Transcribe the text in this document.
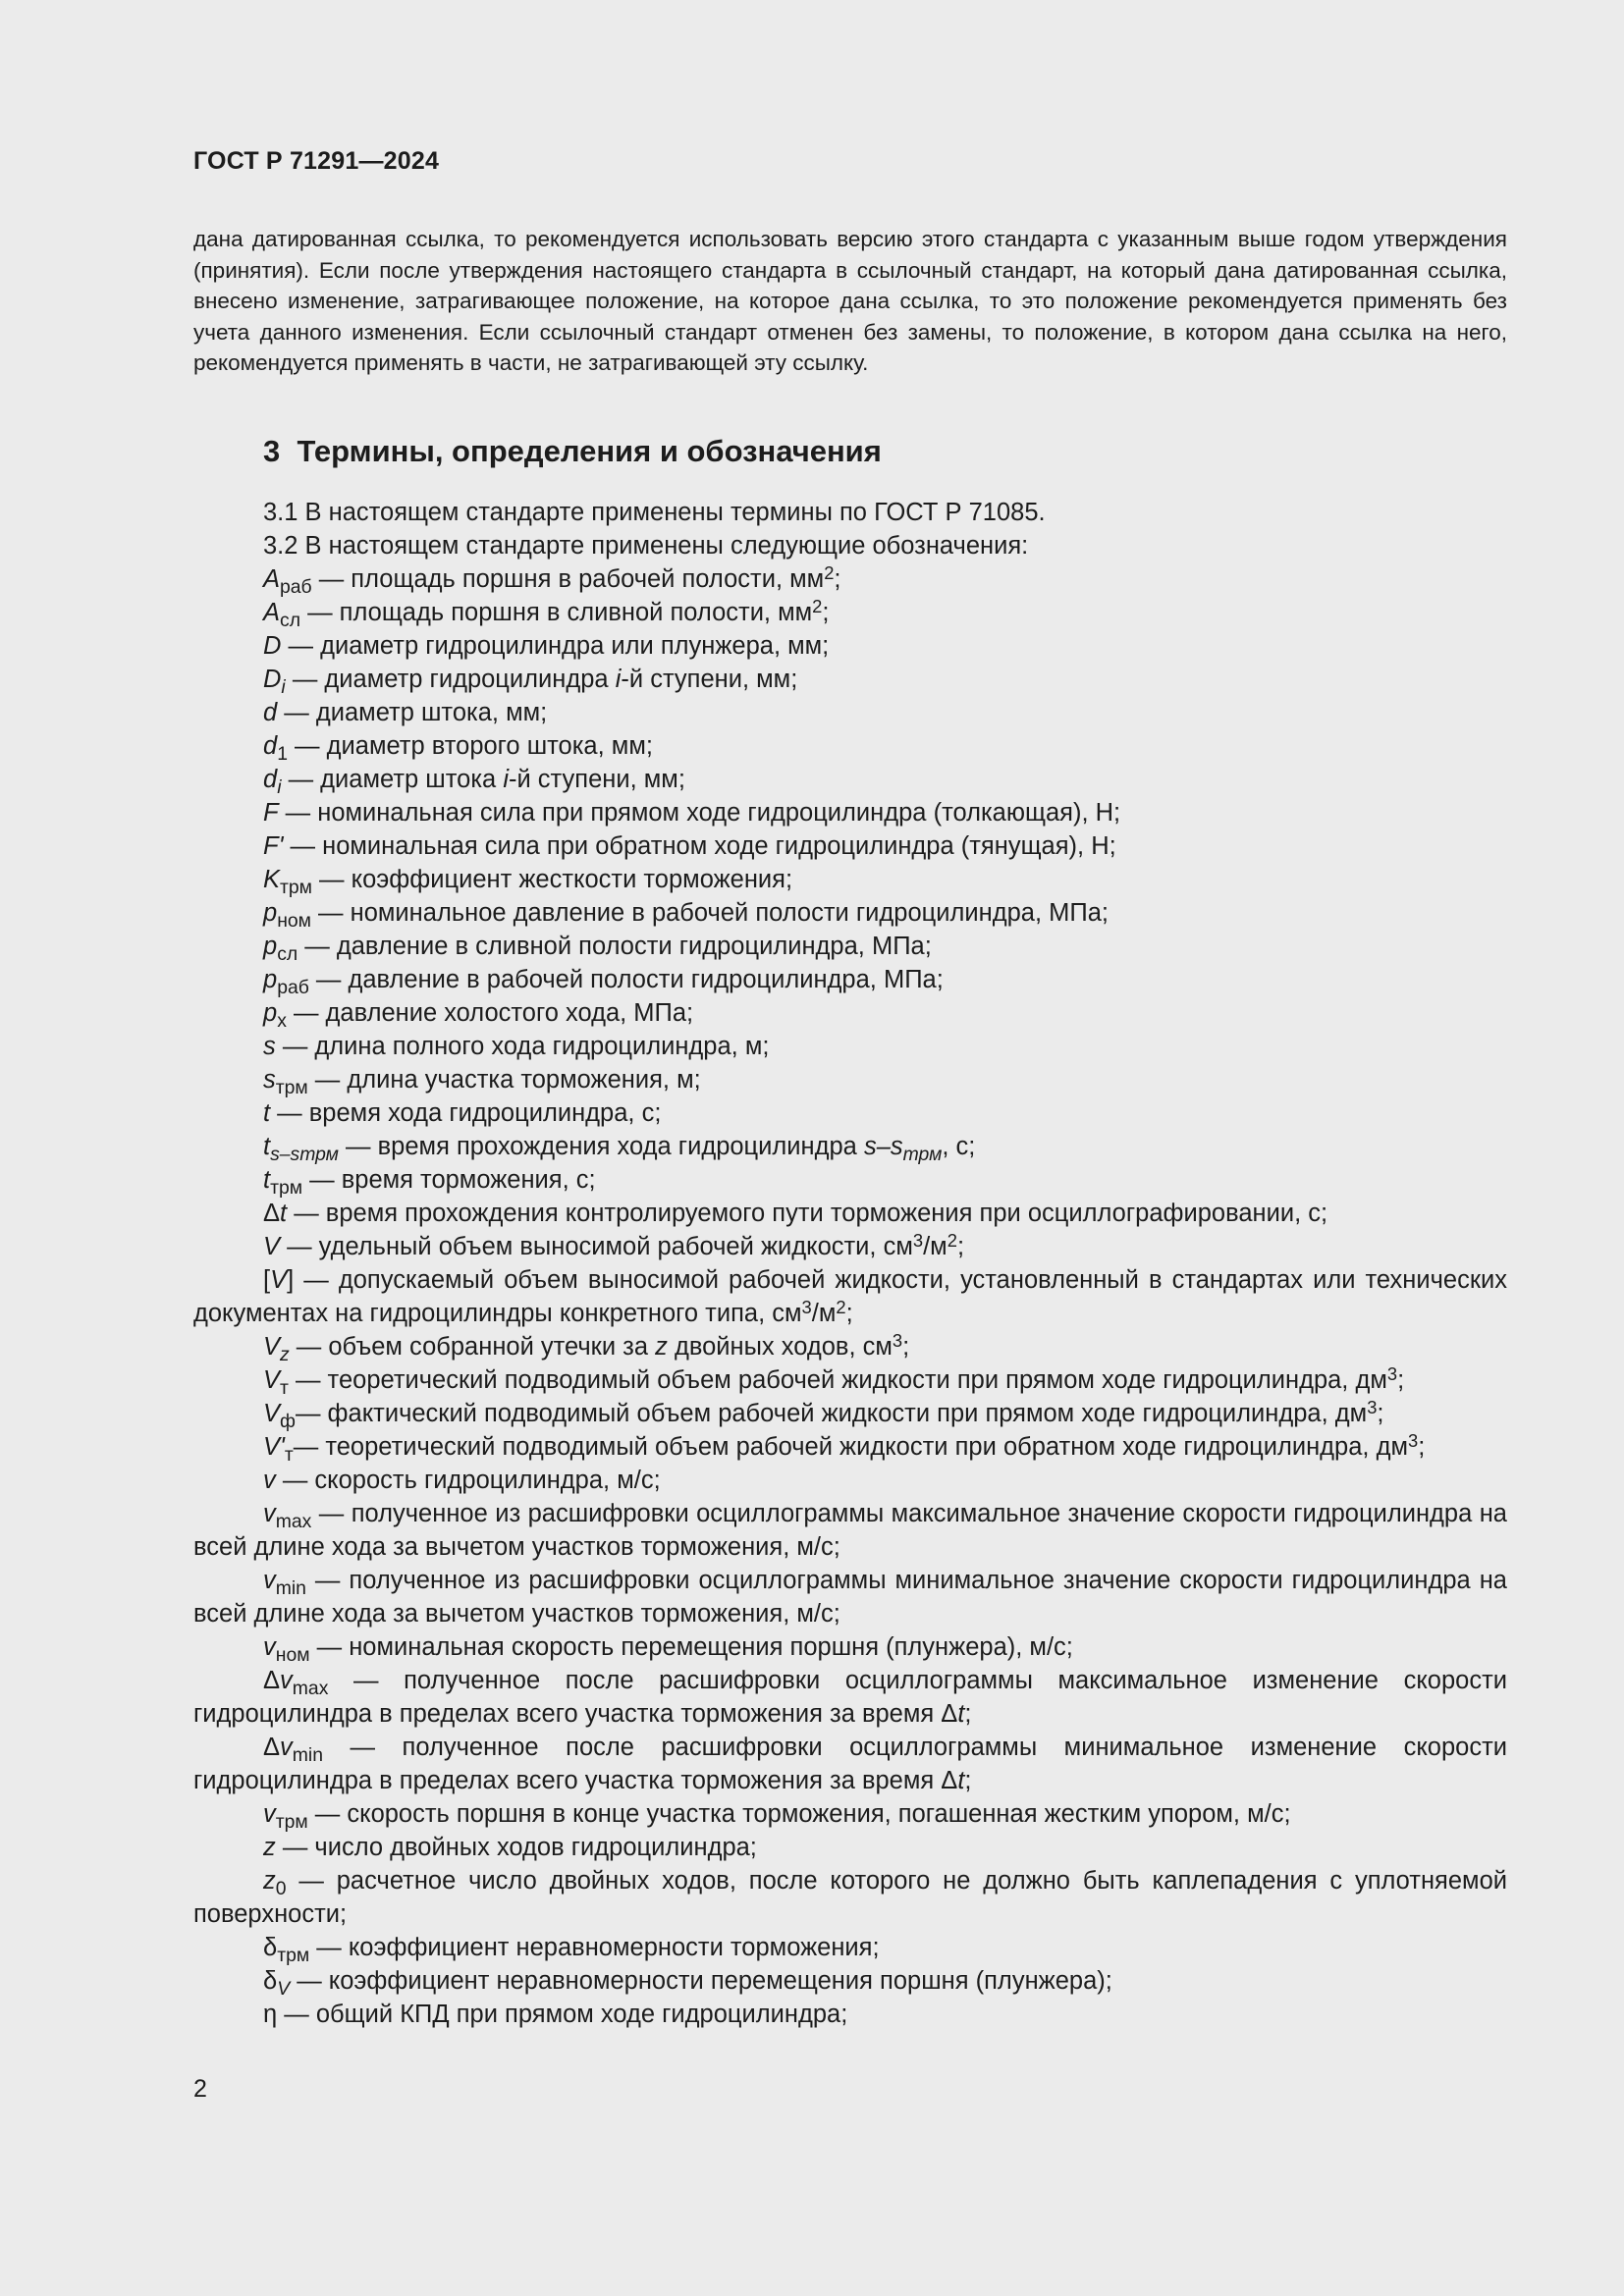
ГОСТ Р 71291—2024

дана датированная ссылка, то рекомендуется использовать версию этого стандарта с указанным выше годом утверждения (принятия). Если после утверждения настоящего стандарта в ссылочный стандарт, на который дана датированная ссылка, внесено изменение, затрагивающее положение, на которое дана ссылка, то это положение рекомендуется применять без учета данного изменения. Если ссылочный стандарт отменен без замены, то положение, в котором дана ссылка на него, рекомендуется применять в части, не затрагивающей эту ссылку.

3 Термины, определения и обозначения

3.1 В настоящем стандарте применены термины по ГОСТ Р 71085.

3.2 В настоящем стандарте применены следующие обозначения:

$A_{раб}$ — площадь поршня в рабочей полости, $мм^2$;

$A_{сл}$ — площадь поршня в сливной полости, $мм^2$;

D — диаметр гидроцилиндра или плунжера, мм;

$D_i$ — диаметр гидроцилиндра i-й ступени, мм;

d — диаметр штока, мм;

$d_1$ — диаметр второго штока, мм;

$d_i$ — диаметр штока i-й ступени, мм;

F — номинальная сила при прямом ходе гидроцилиндра (толкающая), Н;

F' — номинальная сила при обратном ходе гидроцилиндра (тянущая), Н;

$K_{трм}$ — коэффициент жесткости торможения;

$p_{ном}$ — номинальное давление в рабочей полости гидроцилиндра, МПа;

$p_{сл}$ — давление в сливной полости гидроцилиндра, МПа;

$p_{раб}$ — давление в рабочей полости гидроцилиндра, МПа;

$p_х$ — давление холостого хода, МПа;

s — длина полного хода гидроцилиндра, м;

$s_{трм}$ — длина участка торможения, м;

t — время хода гидроцилиндра, с;

$t_{s-sтрм}$ — время прохождения хода гидроцилиндра $s-s_{трм}$, с;

$t_{трм}$ — время торможения, с;

Δt — время прохождения контролируемого пути торможения при осциллографировании, с;

V — удельный объем выносимой рабочей жидкости, $см^3/м^2$;

[V] — допускаемый объем выносимой рабочей жидкости, установленный в стандартах или технических документах на гидроцилиндры конкретного типа, $см^3/м^2$;

$V_z$ — объем собранной утечки за z двойных ходов, $см^3$;

$V_т$ — теоретический подводимый объем рабочей жидкости при прямом ходе гидроцилиндра, $дм^3$;

$V_ф—$ фактический подводимый объем рабочей жидкости при прямом ходе гидроцилиндра, $дм^3$;

$V'_т—$ теоретический подводимый объем рабочей жидкости при обратном ходе гидроцилиндра, $дм^3$;

v — скорость гидроцилиндра, м/с;

$v_{max}$ — полученное из расшифровки осциллограммы максимальное значение скорости гидроцилиндра на всей длине хода за вычетом участков торможения, м/с;

$v_{min}$ — полученное из расшифровки осциллограммы минимальное значение скорости гидроцилиндра на всей длине хода за вычетом участков торможения, м/с;

$v_{ном}$ — номинальная скорость перемещения поршня (плунжера), м/с;

$\Delta v_{max}$ — полученное после расшифровки осциллограммы максимальное изменение скорости гидроцилиндра в пределах всего участка торможения за время Δt;

$\Delta v_{min}$ — полученное после расшифровки осциллограммы минимальное изменение скорости гидроцилиндра в пределах всего участка торможения за время Δt;

$v_{трм}$ — скорость поршня в конце участка торможения, погашенная жестким упором, м/с;

z — число двойных ходов гидроцилиндра;

$z_0$ — расчетное число двойных ходов, после которого не должно быть каплепадения с уплотняемой поверхности;

$\delta_{трм}$ — коэффициент неравномерности торможения;

$\delta_V$ — коэффициент неравномерности перемещения поршня (плунжера);

η — общий КПД при прямом ходе гидроцилиндра;

2
